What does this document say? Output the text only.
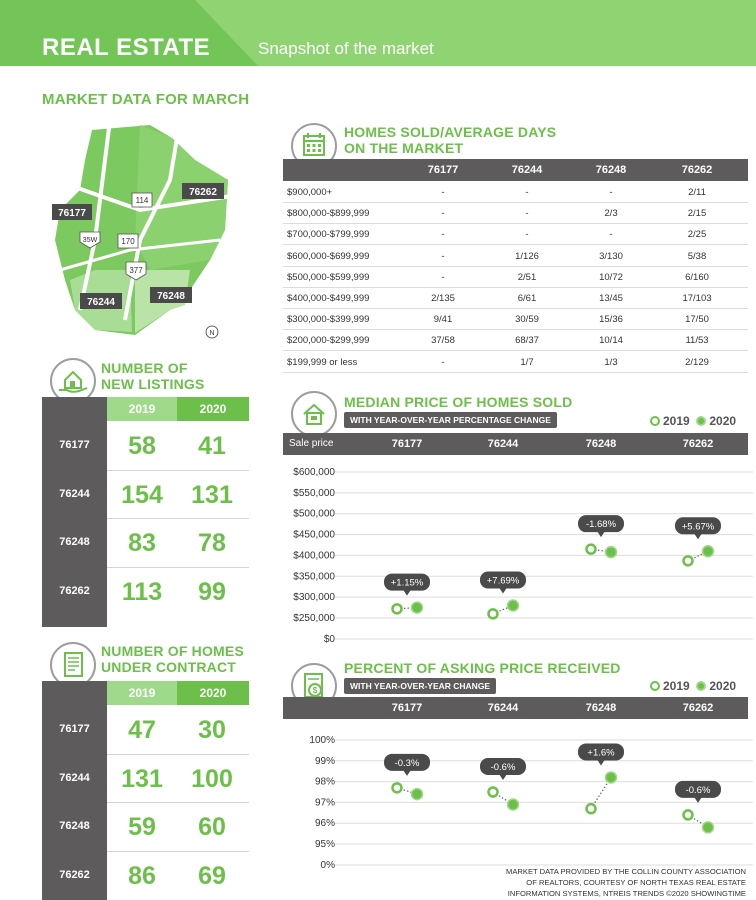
REAL ESTATE	Snapshot of the market
MARKET DATA FOR MARCH
114
35W	170
377
76177
76262
76244
76248
N
HOMES SOLD/AVERAGE DAYS
ON THE MARKET
76177	76244	76248	76262
$900,000+	-	-	-	2/11
$800,000-$899,999	-	-	2/3	2/15
$700,000-$799,999	-	-	-	2/25
$600,000-$699,999	-	1/126	3/130	5/38
$500,000-$599,999	-	2/51	10/72	6/160
$400,000-$499,999	2/135	6/61	13/45	17/103
$300,000-$399,999	9/41	30/59	15/36	17/50
$200,000-$299,999	37/58	68/37	10/14	11/53
$199,999 or less	-	1/7	1/3	2/129
NUMBER OF
NEW LISTINGS
2019	2020
76177	58	41
76244	154	131
76248	83	78
76262	113	99
NUMBER OF HOMES
UNDER CONTRACT
2019	2020
76177	47	30
76244	131	100
76248	59	60
76262	86	69
MEDIAN PRICE OF HOMES SOLD
WITH YEAR-OVER-YEAR PERCENTAGE CHANGE	2019 2020
Sale price	76177	76244	76248	76262
$600,000
$550,000
$500,000
$450,000
$400,000
$350,000
$300,000
$250,000
$0
+1.15%	+7.69%
-1.68%	+5.67%
$
PERCENT OF ASKING PRICE RECEIVED
WITH YEAR-OVER-YEAR CHANGE	2019 2020
76177	76244	76248	76262
100%
99%
98%
97%
96%
95%
0%
-0.3%	-0.6%
+1.6%
-0.6%
MARKET DATA PROVIDED BY THE COLLIN COUNTY ASSOCIATION
OF REALTORS, COURTESY OF NORTH TEXAS REAL ESTATE
INFORMATION SYSTEMS, NTREIS TRENDS ©2020 SHOWINGTIME
